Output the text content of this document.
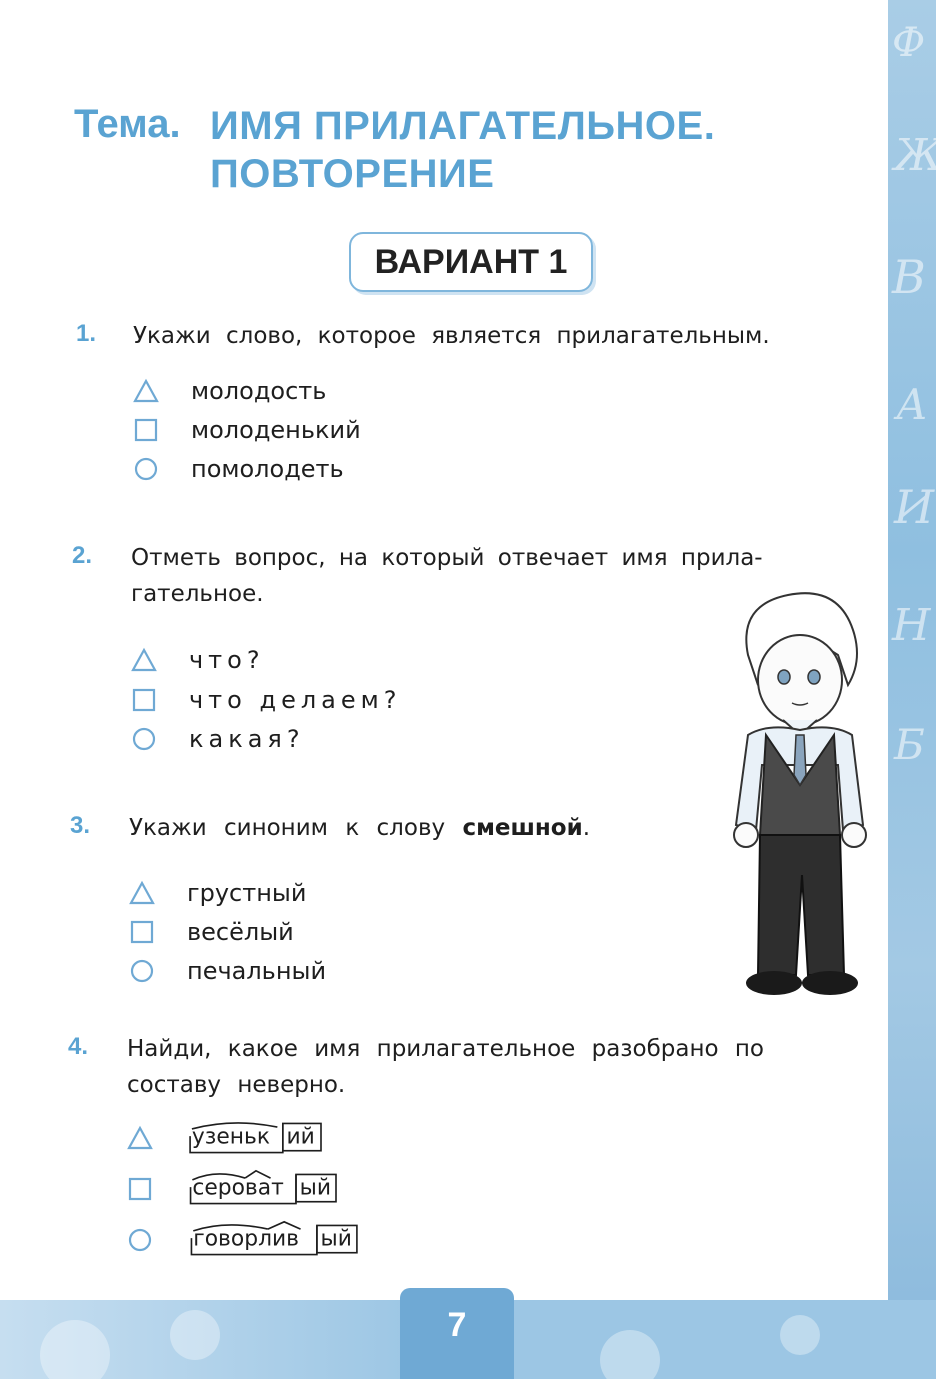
Ф
Ж
В
А
И
Н
Б
7
Тема. ИМЯ ПРИЛАГАТЕЛЬНОЕ.
ПОВТОРЕНИЕ
ВАРИАНТ 1
1. Укажи слово, которое является прилагательным.
молодость
молоденький
помолодеть
2. Отметь вопрос, на который отвечает имя прила-
гательное.
что?
что делаем?
какая?
3. Укажи синоним к слову смешной.
грустный
весёлый
печальный
4. Найди, какое имя прилагательное разобрано по
составу неверно.
узеньк ий
сероват ый
говорлив ый
